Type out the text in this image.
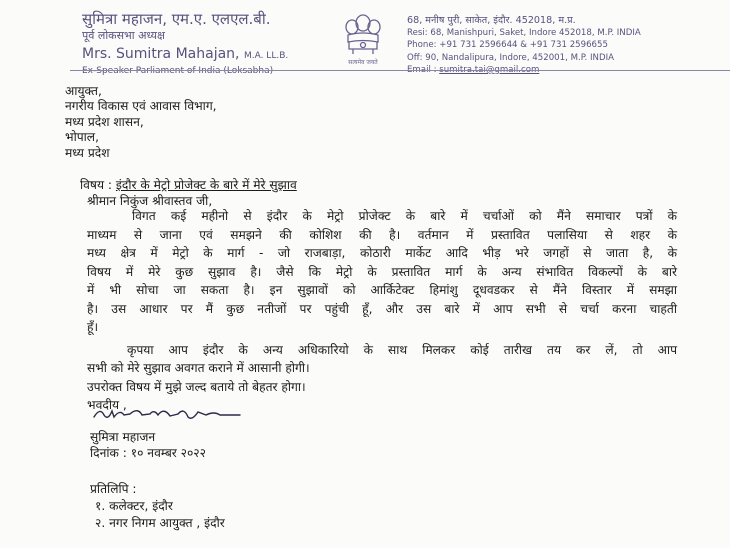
सुमित्रा महाजन, एम.ए. एलएल.बी.
पूर्व लोकसभा अध्यक्ष
Mrs. Sumitra Mahajan, M.A. LL.B.
Ex-Speaker Parliament of India (Loksabha)
सत्यमेव जयते
68, मनीष पुरी, साकेत, इंदौर. 452018, म.प्र.
Resi: 68, Manishpuri, Saket, Indore 452018, M.P. INDIA
Phone: +91 731 2596644 & +91 731 2596655
Off: 90, Nandalipura, Indore, 452001, M.P. INDIA
Email : sumitra.tai@gmail.com
आयुक्त,
नगरीय विकास एवं आवास विभाग,
मध्य प्रदेश शासन,
भोपाल,
मध्य प्रदेश
विषय : इंदौर के मेट्रो प्रोजेक्ट के बारे में मेरे सुझाव
श्रीमान निकुंज श्रीवास्तव जी,

विगत कई महीनो से इंदौर के मेट्रो प्रोजेक्ट के बारे में चर्चाओं को मैंने समाचार पत्रों के

माध्यम से जाना एवं समझने की कोशिश की है। वर्तमान में प्रस्तावित पलासिया से शहर के

मध्य क्षेत्र में मेट्रो के मार्ग - जो राजबाड़ा, कोठारी मार्केट आदि भीड़ भरे जगहों से जाता है, के

विषय में मेरे कुछ सुझाव है। जैसे कि मेट्रो के प्रस्तावित मार्ग के अन्य संभावित विकल्पों के बारे

में भी सोचा जा सकता है। इन सुझावों को आर्किटेक्ट हिमांशु दूधवडकर से मैंने विस्तार में समझा

है। उस आधार पर मैं कुछ नतीजों पर पहुंची हूँ, और उस बारे में आप सभी से चर्चा करना चाहती

हूँ।

कृपया आप इंदौर के अन्य अधिकारियो के साथ मिलकर कोई तारीख तय कर लें, तो आप

सभी को मेरे सुझाव अवगत कराने में आसानी होगी।

उपरोक्त विषय में मुझे जल्द बताये तो बेहतर होगा।

भवदीय ,

सुमित्रा महाजन
दिनांक : १० नवम्बर २०२२
प्रतिलिपि :
१. कलेक्टर, इंदौर
२. नगर निगम आयुक्त , इंदौर
